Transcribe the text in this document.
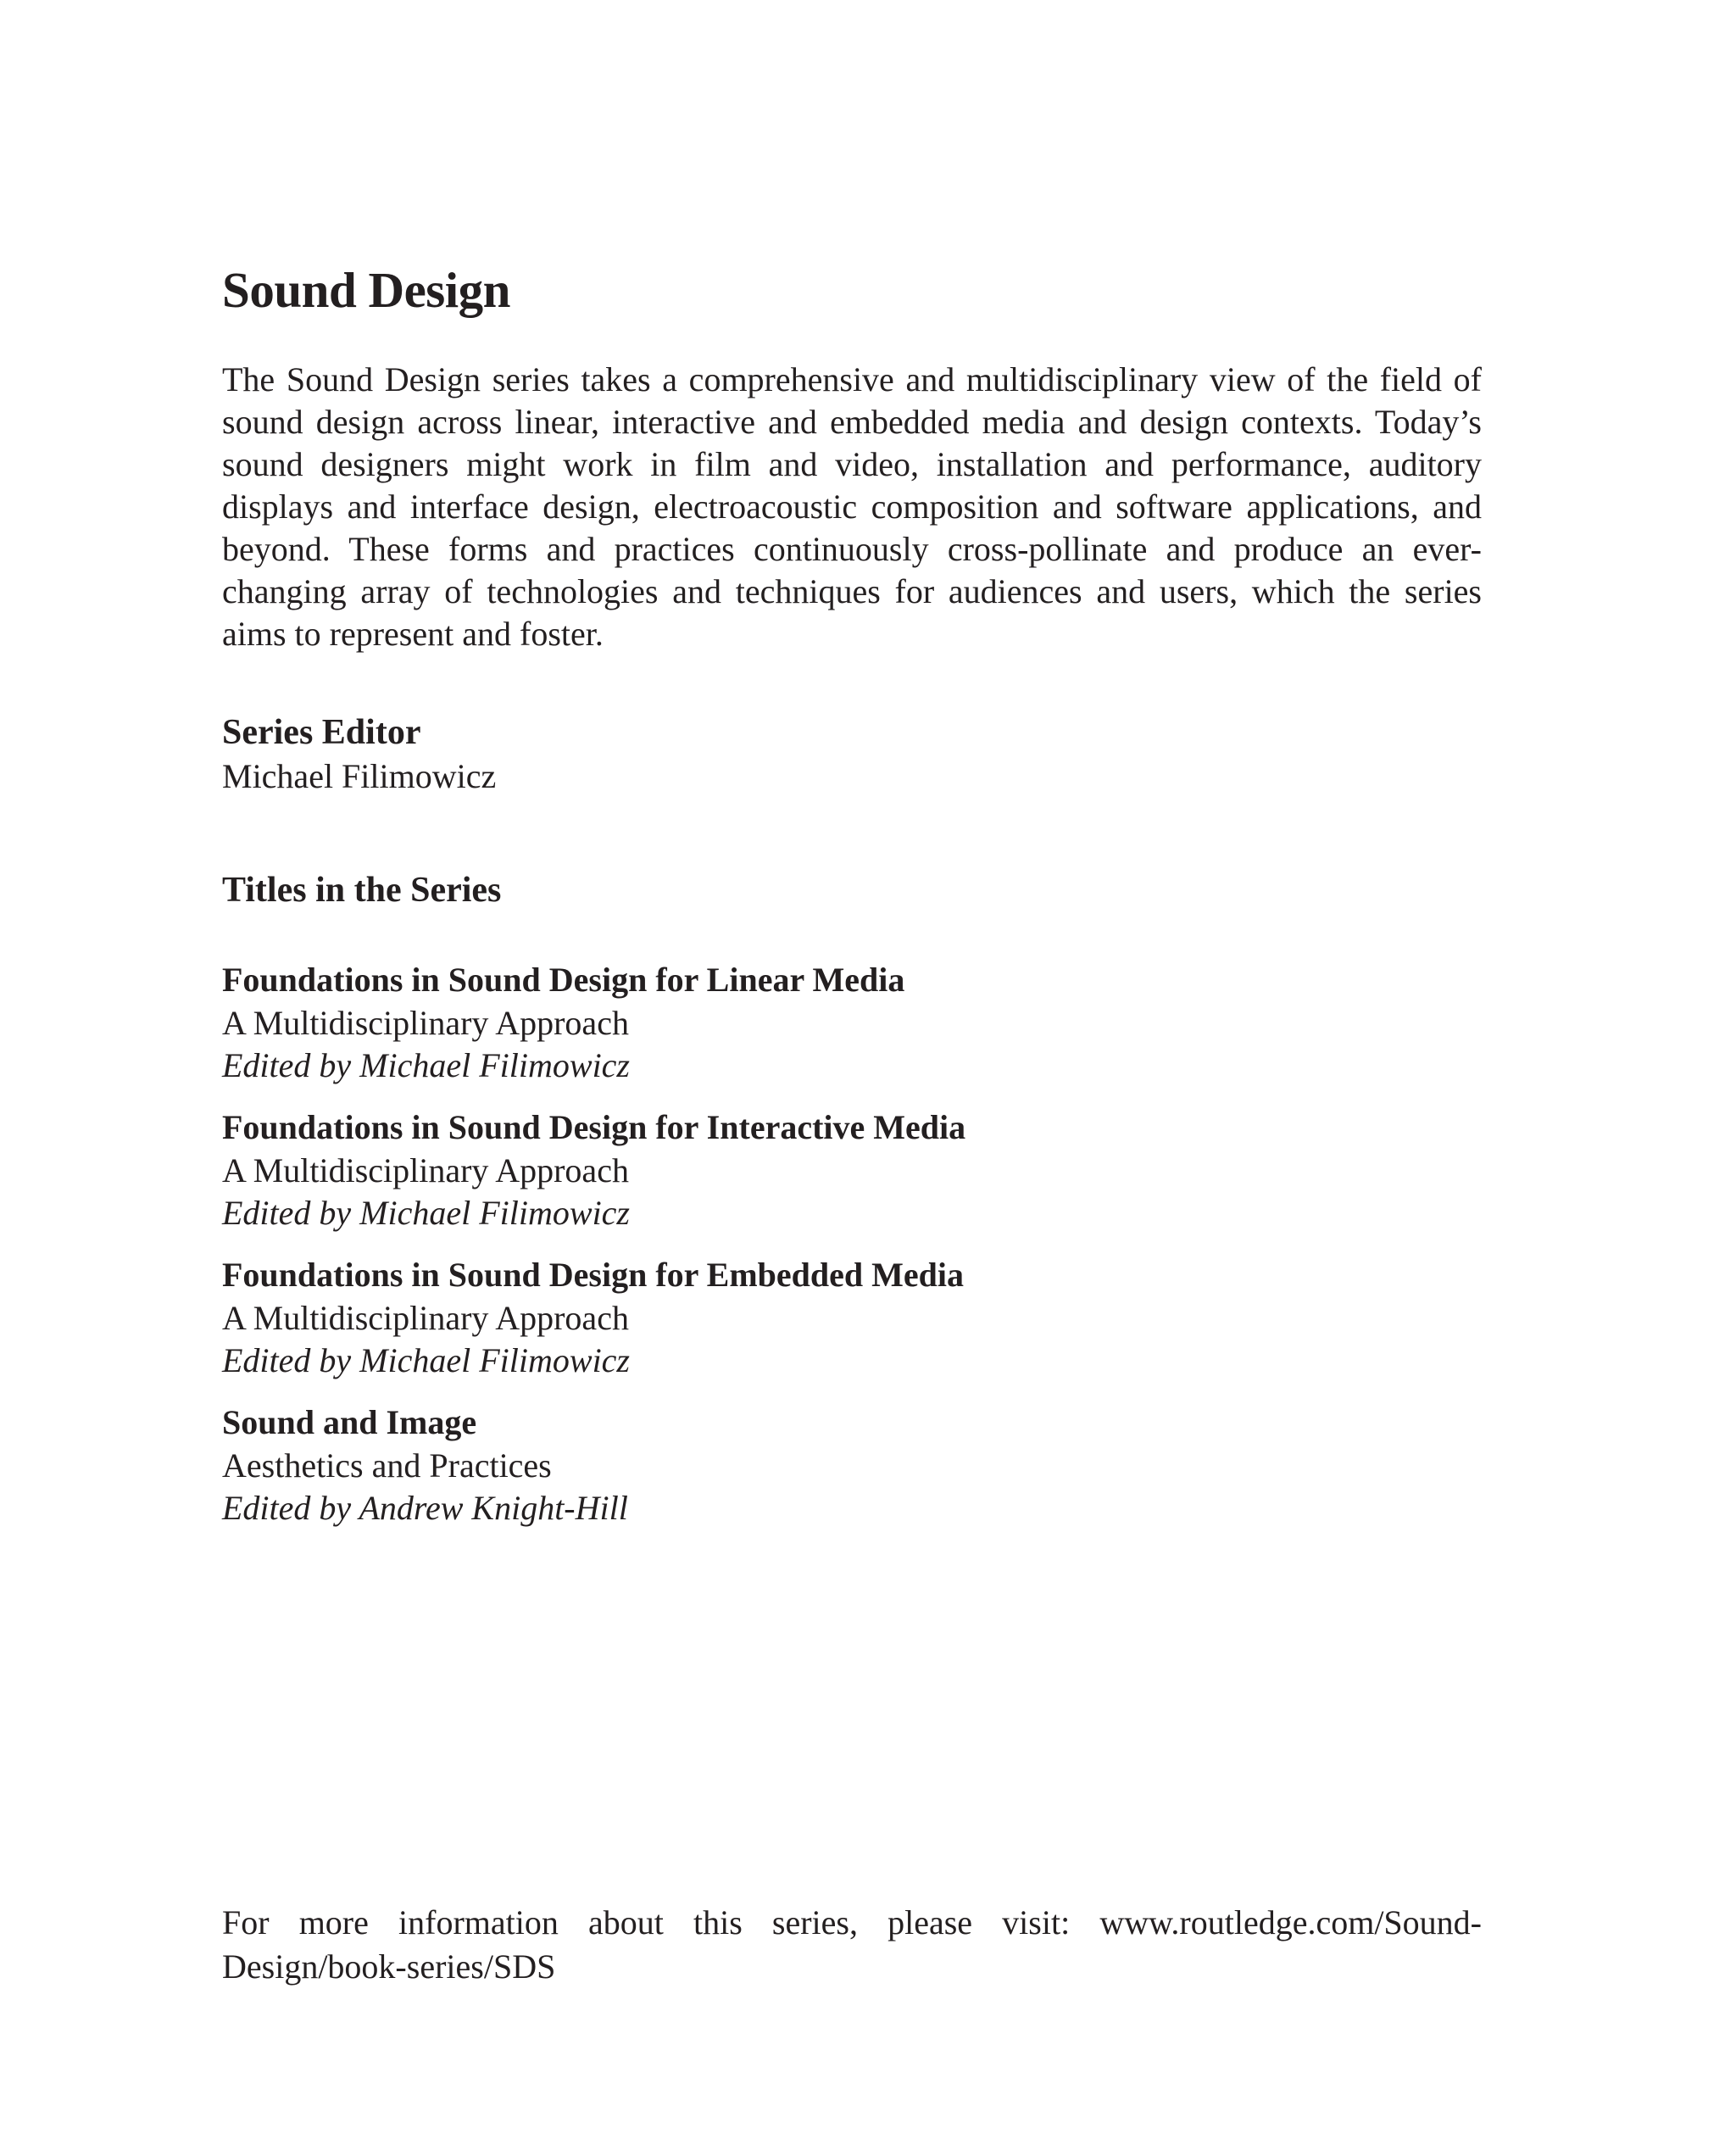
Sound Design

The Sound Design series takes a comprehensive and multidisciplinary view of the field of sound design across linear, interactive and embedded media and design contexts. Today’s sound designers might work in film and video, installation and performance, auditory displays and interface design, electroacoustic composition and software applications, and beyond. These forms and practices continuously cross-pollinate and produce an ever-changing array of technologies and techniques for audiences and users, which the series aims to represent and foster.

Series Editor

Michael Filimowicz

Titles in the Series
Foundations in Sound Design for Linear Media
A Multidisciplinary Approach
Edited by Michael Filimowicz
Foundations in Sound Design for Interactive Media
A Multidisciplinary Approach
Edited by Michael Filimowicz
Foundations in Sound Design for Embedded Media
A Multidisciplinary Approach
Edited by Michael Filimowicz
Sound and Image
Aesthetics and Practices
Edited by Andrew Knight-Hill

For more information about this series, please visit: www.routledge.com/Sound-Design/book-series/SDS
